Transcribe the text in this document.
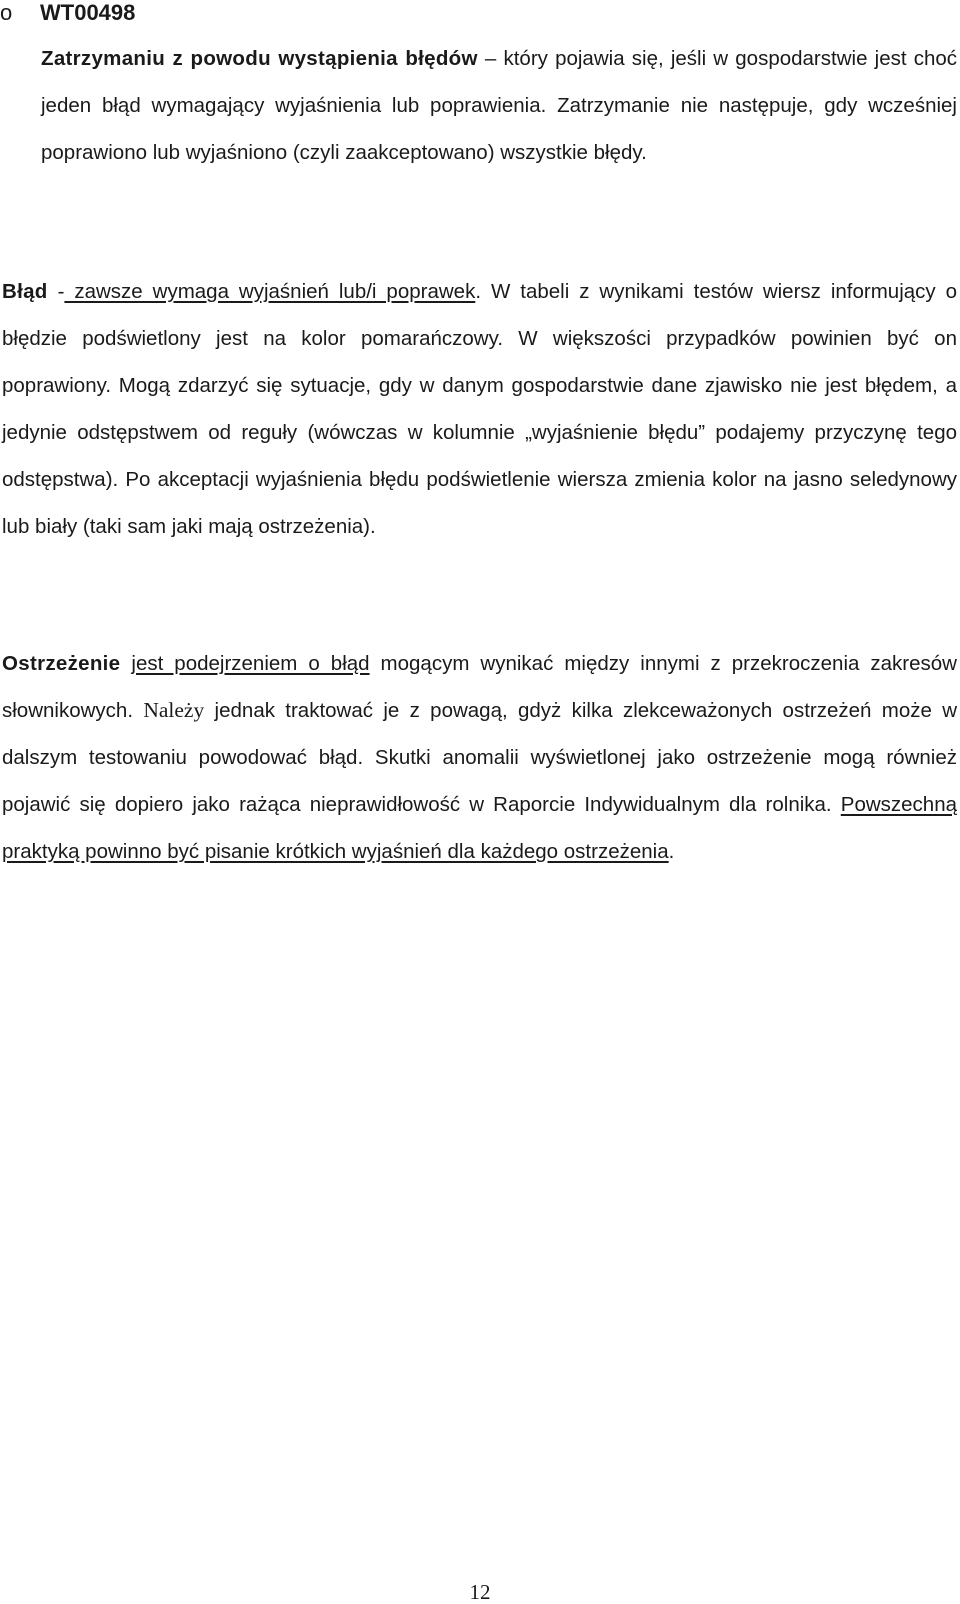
o WT00498

Zatrzymaniu z powodu wystąpienia błędów – który pojawia się, jeśli w gospodarstwie jest choć jeden błąd wymagający wyjaśnienia lub poprawienia. Zatrzymanie nie następuje, gdy wcześniej poprawiono lub wyjaśniono (czyli zaakceptowano) wszystkie błędy.

Błąd - zawsze wymaga wyjaśnień lub/i poprawek. W tabeli z wynikami testów wiersz informujący o błędzie podświetlony jest na kolor pomarańczowy. W większości przypadków powinien być on poprawiony. Mogą zdarzyć się sytuacje, gdy w danym gospodarstwie dane zjawisko nie jest błędem, a jedynie odstępstwem od reguły (wówczas w kolumnie „wyjaśnienie błędu” podajemy przyczynę tego odstępstwa). Po akceptacji wyjaśnienia błędu podświetlenie wiersza zmienia kolor na jasno seledynowy lub biały (taki sam jaki mają ostrzeżenia).

Ostrzeżenie jest podejrzeniem o błąd mogącym wynikać między innymi z przekroczenia zakresów słownikowych. Należy jednak traktować je z powagą, gdyż kilka zlekceważonych ostrzeżeń może w dalszym testowaniu powodować błąd. Skutki anomalii wyświetlonej jako ostrzeżenie mogą również pojawić się dopiero jako rażąca nieprawidłowość w Raporcie Indywidualnym dla rolnika. Powszechną praktyką powinno być pisanie krótkich wyjaśnień dla każdego ostrzeżenia.

12
